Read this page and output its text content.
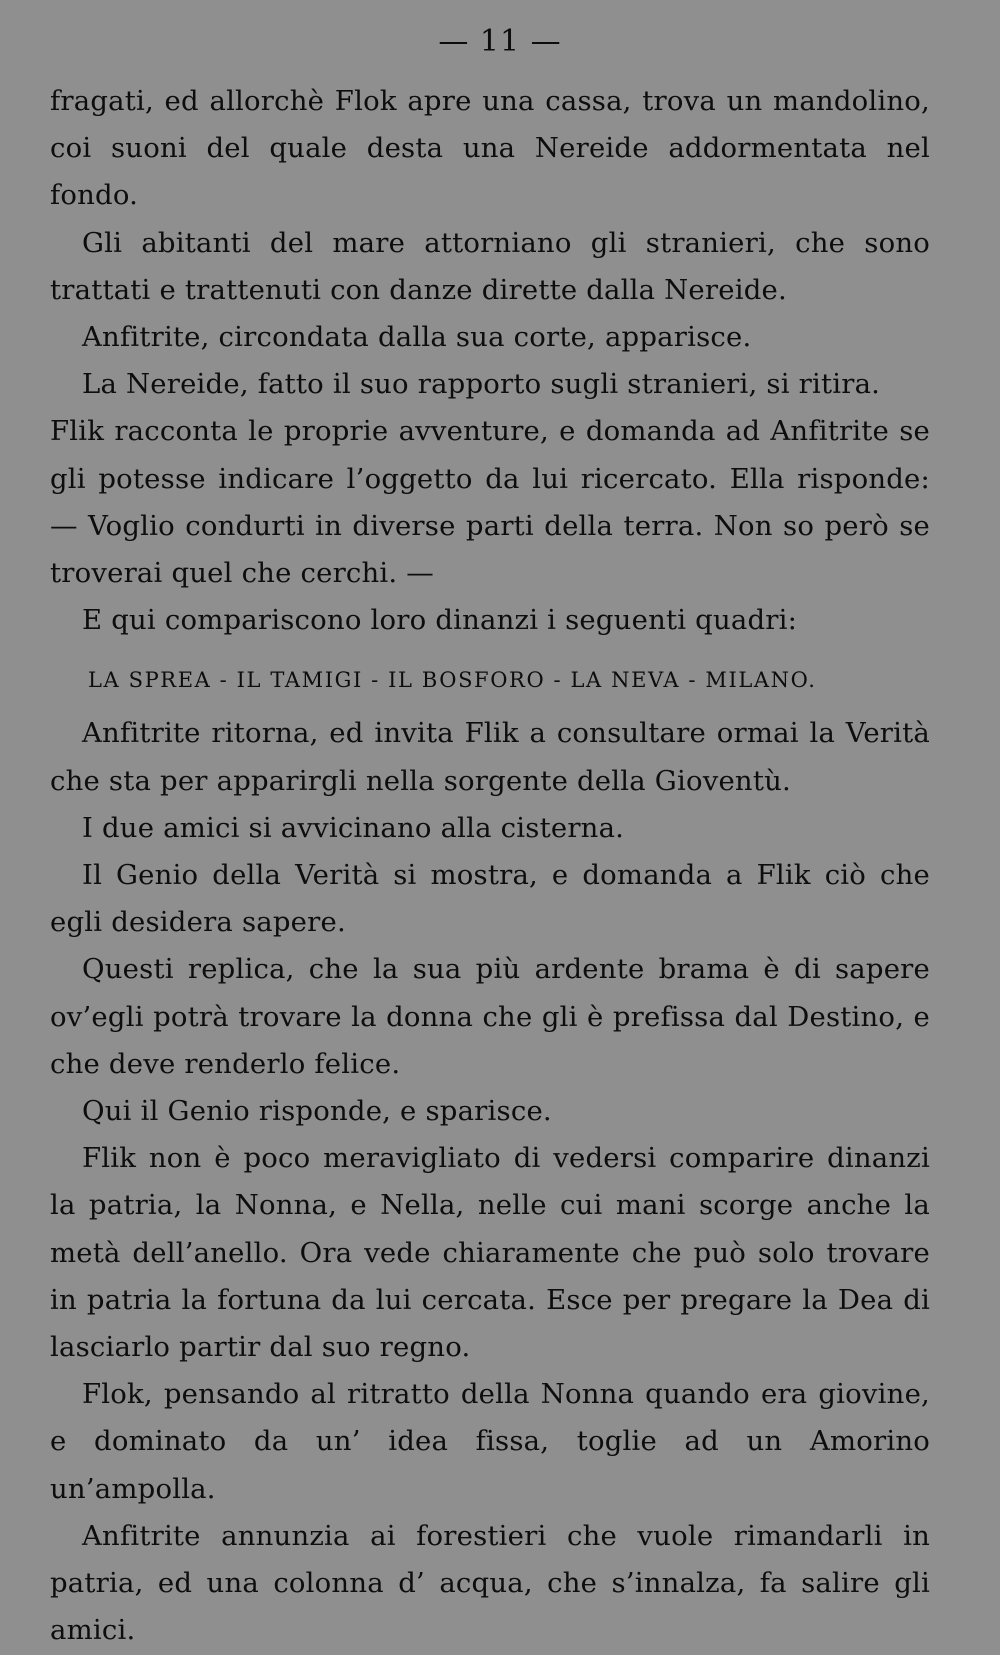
— 11 —

fragati, ed allorchè Flok apre una cassa, trova un mandolino, coi suoni del quale desta una Nereide addormentata nel fondo.

Gli abitanti del mare attorniano gli stranieri, che sono trattati e trattenuti con danze dirette dalla Nereide.

Anfitrite, circondata dalla sua corte, apparisce.

La Nereide, fatto il suo rapporto sugli stranieri, si ritira.

Flik racconta le proprie avventure, e domanda ad Anfitrite se gli potesse indicare l’oggetto da lui ricercato. Ella risponde: — Voglio condurti in diverse parti della terra. Non so però se troverai quel che cerchi. —

E qui compariscono loro dinanzi i seguenti quadri:

LA SPREA - IL TAMIGI - IL BOSFORO - LA NEVA - MILANO.

Anfitrite ritorna, ed invita Flik a consultare ormai la Verità che sta per apparirgli nella sorgente della Gioventù.

I due amici si avvicinano alla cisterna.

Il Genio della Verità si mostra, e domanda a Flik ciò che egli desidera sapere.

Questi replica, che la sua più ardente brama è di sapere ov’egli potrà trovare la donna che gli è prefissa dal Destino, e che deve renderlo felice.

Qui il Genio risponde, e sparisce.

Flik non è poco meravigliato di vedersi comparire dinanzi la patria, la Nonna, e Nella, nelle cui mani scorge anche la metà dell’anello. Ora vede chiaramente che può solo trovare in patria la fortuna da lui cercata. Esce per pregare la Dea di lasciarlo partir dal suo regno.

Flok, pensando al ritratto della Nonna quando era giovine, e dominato da un’ idea fissa, toglie ad un Amorino un’ampolla.

Anfitrite annunzia ai forestieri che vuole rimandarli in patria, ed una colonna d’ acqua, che s’innalza, fa salire gli amici.
